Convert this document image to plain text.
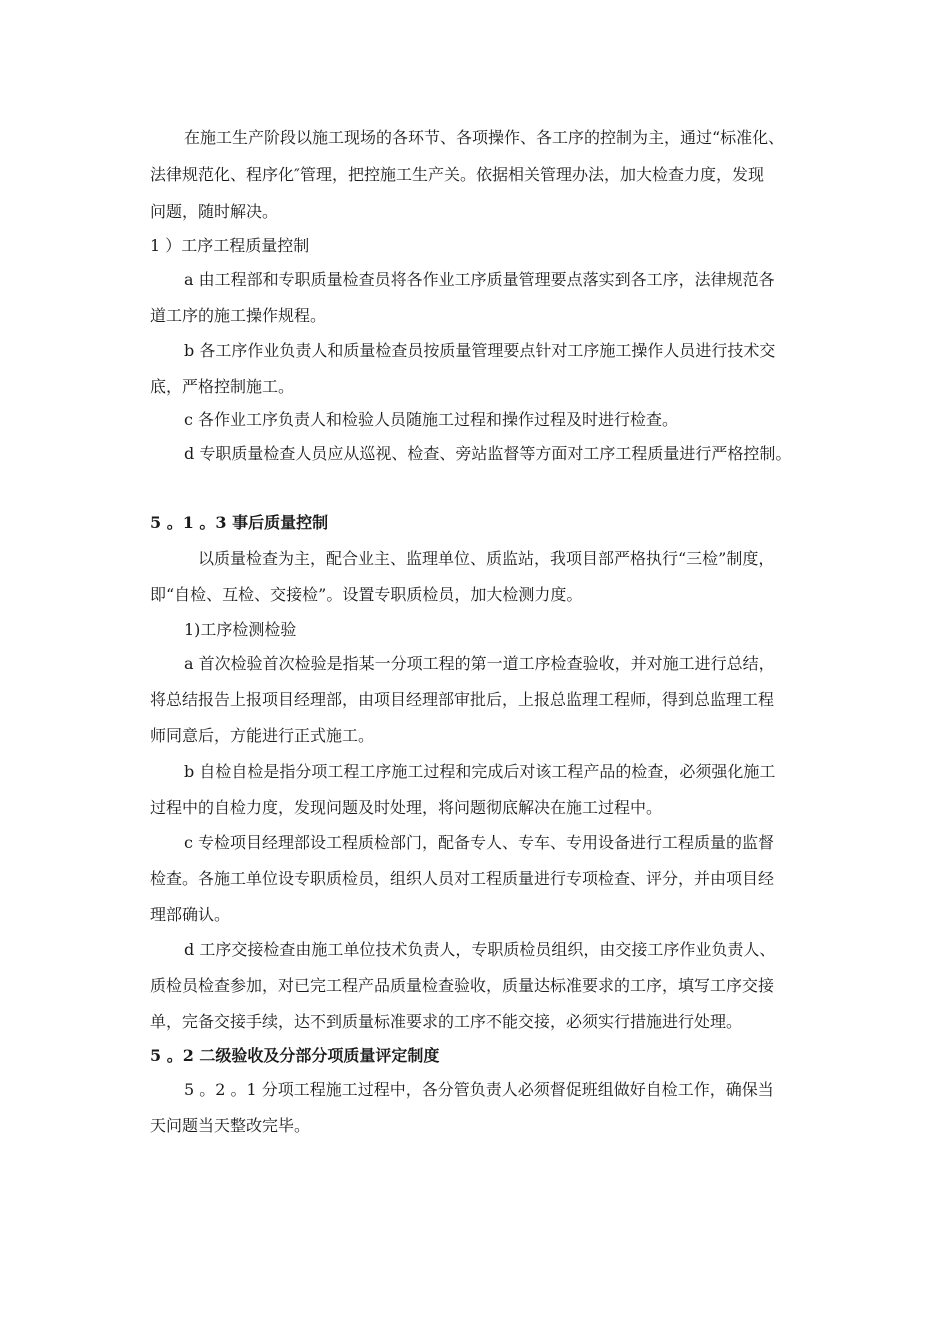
在施工生产阶段以施工现场的各环节、各项操作、各工序的控制为主，通过“标准化、
法律规范化、程序化″管理，把控施工生产关。依据相关管理办法，加大检查力度，发现
问题，随时解决。
1 ）工序工程质量控制
a 由工程部和专职质量检查员将各作业工序质量管理要点落实到各工序，法律规范各
道工序的施工操作规程。
b 各工序作业负责人和质量检查员按质量管理要点针对工序施工操作人员进行技术交
底，严格控制施工。
c 各作业工序负责人和检验人员随施工过程和操作过程及时进行检查。
d 专职质量检查人员应从巡视、检查、旁站监督等方面对工序工程质量进行严格控制。
5 。1 。3 事后质量控制
以质量检查为主，配合业主、监理单位、质监站，我项目部严格执行“三检”制度，
即“自检、互检、交接检”。设置专职质检员，加大检测力度。
1)工序检测检验
a 首次检验首次检验是指某一分项工程的第一道工序检查验收，并对施工进行总结，
将总结报告上报项目经理部，由项目经理部审批后，上报总监理工程师，得到总监理工程
师同意后，方能进行正式施工。
b 自检自检是指分项工程工序施工过程和完成后对该工程产品的检查，必须强化施工
过程中的自检力度，发现问题及时处理，将问题彻底解决在施工过程中。
c 专检项目经理部设工程质检部门，配备专人、专车、专用设备进行工程质量的监督
检查。各施工单位设专职质检员，组织人员对工程质量进行专项检查、评分，并由项目经
理部确认。
d 工序交接检查由施工单位技术负责人，专职质检员组织，由交接工序作业负责人、
质检员检查参加，对已完工程产品质量检查验收，质量达标准要求的工序，填写工序交接
单，完备交接手续，达不到质量标准要求的工序不能交接，必须实行措施进行处理。
5 。2 二级验收及分部分项质量评定制度
5 。2 。1 分项工程施工过程中，各分管负责人必须督促班组做好自检工作，确保当
天问题当天整改完毕。
